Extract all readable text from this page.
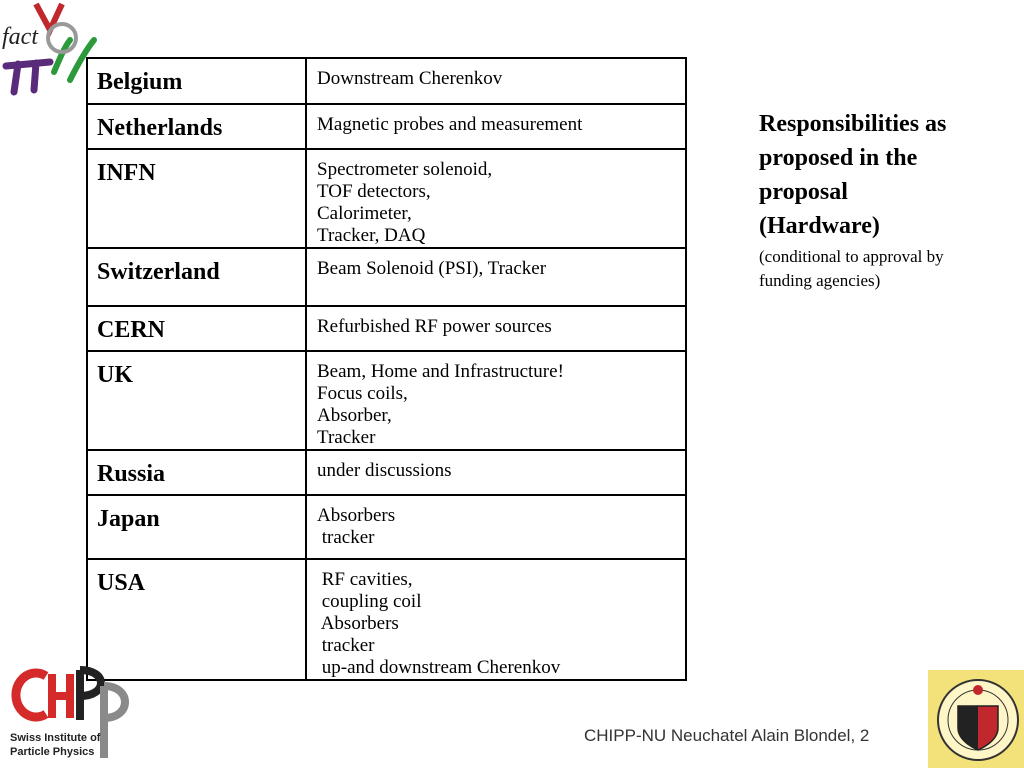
fact
Belgium	Downstream Cherenkov

Netherlands	Magnetic probes and measurement

INFN	Spectrometer solenoid,
TOF detectors,
Calorimeter,
Tracker, DAQ

Switzerland	Beam Solenoid (PSI), Tracker

CERN	Refurbished RF power sources

UK	Beam, Home and Infrastructure!
Focus coils,
Absorber,
Tracker

Russia	under discussions

Japan	Absorbers
tracker

USA	RF cavities,
coupling coil
Absorbers
tracker
up-and downstream Cherenkov
Responsibilities as
proposed in the
proposal
(Hardware)
(conditional to approval by
funding agencies)
Swiss Institute of
Particle Physics
CHIPP-NU Neuchatel Alain Blondel, 2
